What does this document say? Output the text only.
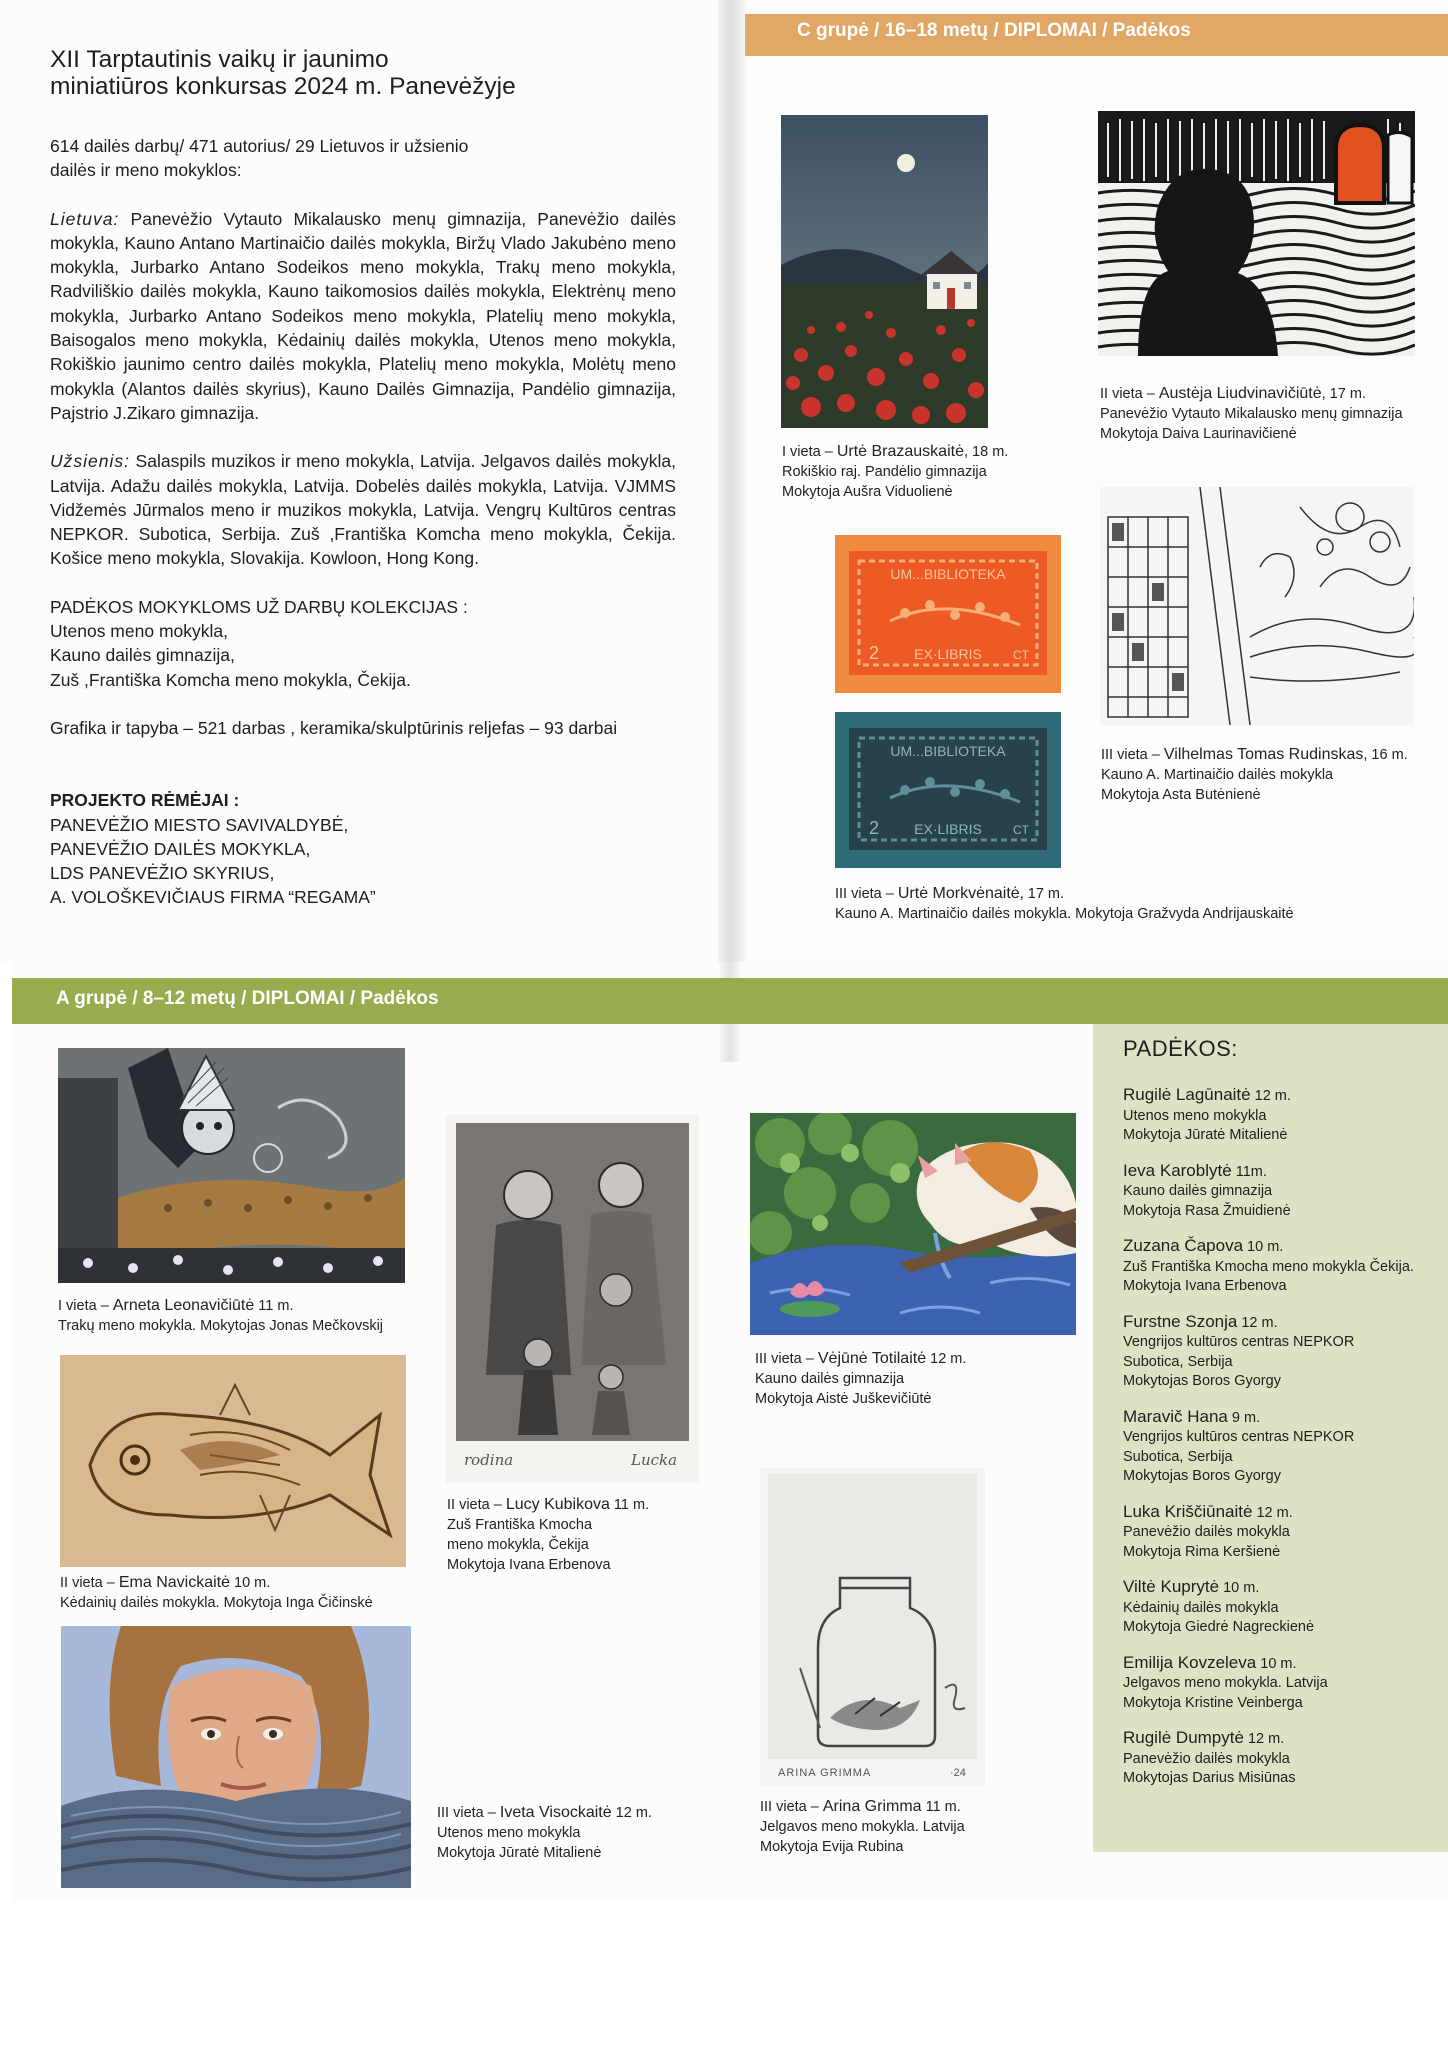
XII Tarptautinis vaikų ir jaunimo
miniatiūros konkursas 2024 m. Panevėžyje

614 dailės darbų/ 471 autorius/ 29 Lietuvos ir užsienio dailės ir meno mokyklos:

Lietuva: Panevėžio Vytauto Mikalausko menų gimnazija, Panevėžio dailės mokykla, Kauno Antano Martinaičio dailės mokykla, Biržų Vlado Jakubėno meno mokykla, Jurbarko Antano Sodeikos meno mokykla, Trakų meno mokykla, Radviliškio dailės mokykla, Kauno taikomosios dailės mokykla, Elektrėnų meno mokykla, Jurbarko Antano Sodeikos meno mokykla, Platelių meno mokykla, Baisogalos meno mokykla, Kėdainių dailės mokykla, Utenos meno mokykla, Rokiškio jaunimo centro dailės mokykla, Platelių meno mokykla, Molėtų meno mokykla (Alantos dailės skyrius), Kauno Dailės Gimnazija, Pandėlio gimnazija, Pajstrio J.Zikaro gimnazija.

Užsienis: Salaspils muzikos ir meno mokykla, Latvija. Jelgavos dailės mokykla, Latvija. Adažu dailės mokykla, Latvija. Dobelės dailės mokykla, Latvija. VJMMS Vidžemės Jūrmalos meno ir muzikos mokykla, Latvija. Vengrų Kultūros centras NEPKOR. Subotica, Serbija. Zuš ,Františka Komcha meno mokykla, Čekija. Košice meno mokykla, Slovakija. Kowloon, Hong Kong.

PADĖKOS MOKYKLOMS UŽ DARBŲ KOLEKCIJAS :

Utenos meno mokykla,

Kauno dailės gimnazija,

Zuš ,Františka Komcha meno mokykla, Čekija.

Grafika ir tapyba – 521 darbas , keramika/skulptūrinis reljefas – 93 darbai

PROJEKTO RĖMĖJAI :

PANEVĖŽIO MIESTO SAVIVALDYBĖ,

PANEVĖŽIO DAILĖS MOKYKLA,

LDS PANEVĖŽIO SKYRIUS,

A. VOLOŠKEVIČIAUS FIRMA “REGAMA”

C grupė / 16–18 metų / DIPLOMAI / Padėkos
I vieta – Urtė Brazauskaitė, 18 m.
Rokiškio raj. Pandėlio gimnazija
Mokytoja Aušra Viduolienė
II vieta – Austėja Liudvinavičiūtė, 17 m.
Panevėžio Vytauto Mikalausko menų gimnazija
Mokytoja Daiva Laurinavičienė
UM...BIBLIOTEKA
EX·LIBRIS
2	CT
III vieta – Vilhelmas Tomas Rudinskas, 16 m.
Kauno A. Martinaičio dailės mokykla
Mokytoja Asta Butėnienė
UM...BIBLIOTEKA
EX·LIBRIS
2	CT
III vieta – Urtė Morkvėnaitė, 17 m.
Kauno A. Martinaičio dailės mokykla. Mokytoja Gražvyda Andrijauskaitė
A grupė / 8–12 metų / DIPLOMAI / Padėkos
I vieta – Arneta Leonavičiūtė 11 m.
Trakų meno mokykla. Mokytojas Jonas Mečkovskij
II vieta – Ema Navickaitė 10 m.
Kėdainių dailės mokykla. Mokytoja Inga Čičinskė
rodina	Lucka
II vieta – Lucy Kubikova 11 m.
Zuš Františka Kmocha
meno mokykla, Čekija
Mokytoja Ivana Erbenova
III vieta – Iveta Visockaitė 12 m.
Utenos meno mokykla
Mokytoja Jūratė Mitalienė
III vieta – Vėjūnė Totilaitė 12 m.
Kauno dailės gimnazija
Mokytoja Aistė Juškevičiūtė
ARINA GRIMMA	·24
III vieta – Arina Grimma 11 m.
Jelgavos meno mokykla. Latvija
Mokytoja Evija Rubina
PADĖKOS:
Rugilė Lagūnaitė 12 m.
Utenos meno mokykla
Mokytoja Jūratė Mitalienė
Ieva Karoblytė 11m.
Kauno dailės gimnazija
Mokytoja Rasa Žmuidienė
Zuzana Čapova 10 m.
Zuš Františka Kmocha meno mokykla Čekija.
Mokytoja Ivana Erbenova
Furstne Szonja 12 m.
Vengrijos kultūros centras NEPKOR
Subotica, Serbija
Mokytojas Boros Gyorgy
Maravič Hana 9 m.
Vengrijos kultūros centras NEPKOR
Subotica, Serbija
Mokytojas Boros Gyorgy
Luka Kriščiūnaitė 12 m.
Panevėžio dailės mokykla
Mokytoja Rima Keršienė
Viltė Kuprytė 10 m.
Kėdainių dailės mokykla
Mokytoja Giedrė Nagreckienė
Emilija Kovzeleva 10 m.
Jelgavos meno mokykla. Latvija
Mokytoja Kristine Veinberga
Rugilė Dumpytė 12 m.
Panevėžio dailės mokykla
Mokytojas Darius Misiūnas
